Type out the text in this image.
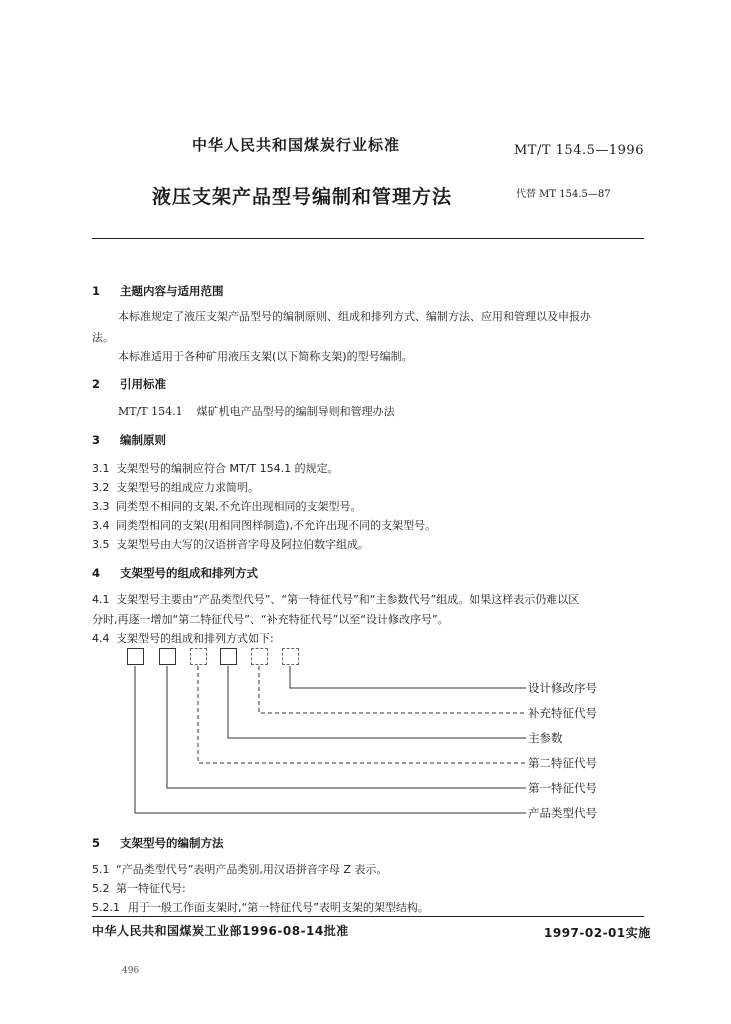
中华人民共和国煤炭行业标准	MT/T 154.5—1996
液压支架产品型号编制和管理方法	代替 MT 154.5—87
1 主题内容与适用范围
本标准规定了液压支架产品型号的编制原则、组成和排列方式、编制方法、应用和管理以及申报办
法。
本标准适用于各种矿用液压支架(以下简称支架)的型号编制。
2 引用标准
MT/T 154.1 煤矿机电产品型号的编制导则和管理办法
3 编制原则
3.1 支架型号的编制应符合 MT/T 154.1 的规定。
3.2 支架型号的组成应力求简明。
3.3 同类型不相同的支架,不允许出现相同的支架型号。
3.4 同类型相同的支架(用相同图样制造),不允许出现不同的支架型号。
3.5 支架型号由大写的汉语拼音字母及阿拉伯数字组成。
4 支架型号的组成和排列方式
4.1 支架型号主要由“产品类型代号”、“第一特征代号”和“主参数代号”组成。如果这样表示仍难以区
分时,再逐一增加“第二特征代号”、“补充特征代号”以至“设计修改序号”。
4.4 支架型号的组成和排列方式如下:
设计修改序号
补充特征代号
主参数
第二特征代号
第一特征代号
产品类型代号
5 支架型号的编制方法
5.1 “产品类型代号”表明产品类别,用汉语拼音字母 Z 表示。
5.2 第一特征代号:
5.2.1 用于一般工作面支架时,“第一特征代号”表明支架的架型结构。
中华人民共和国煤炭工业部1996-08-14批准	1997-02-01实施
496
